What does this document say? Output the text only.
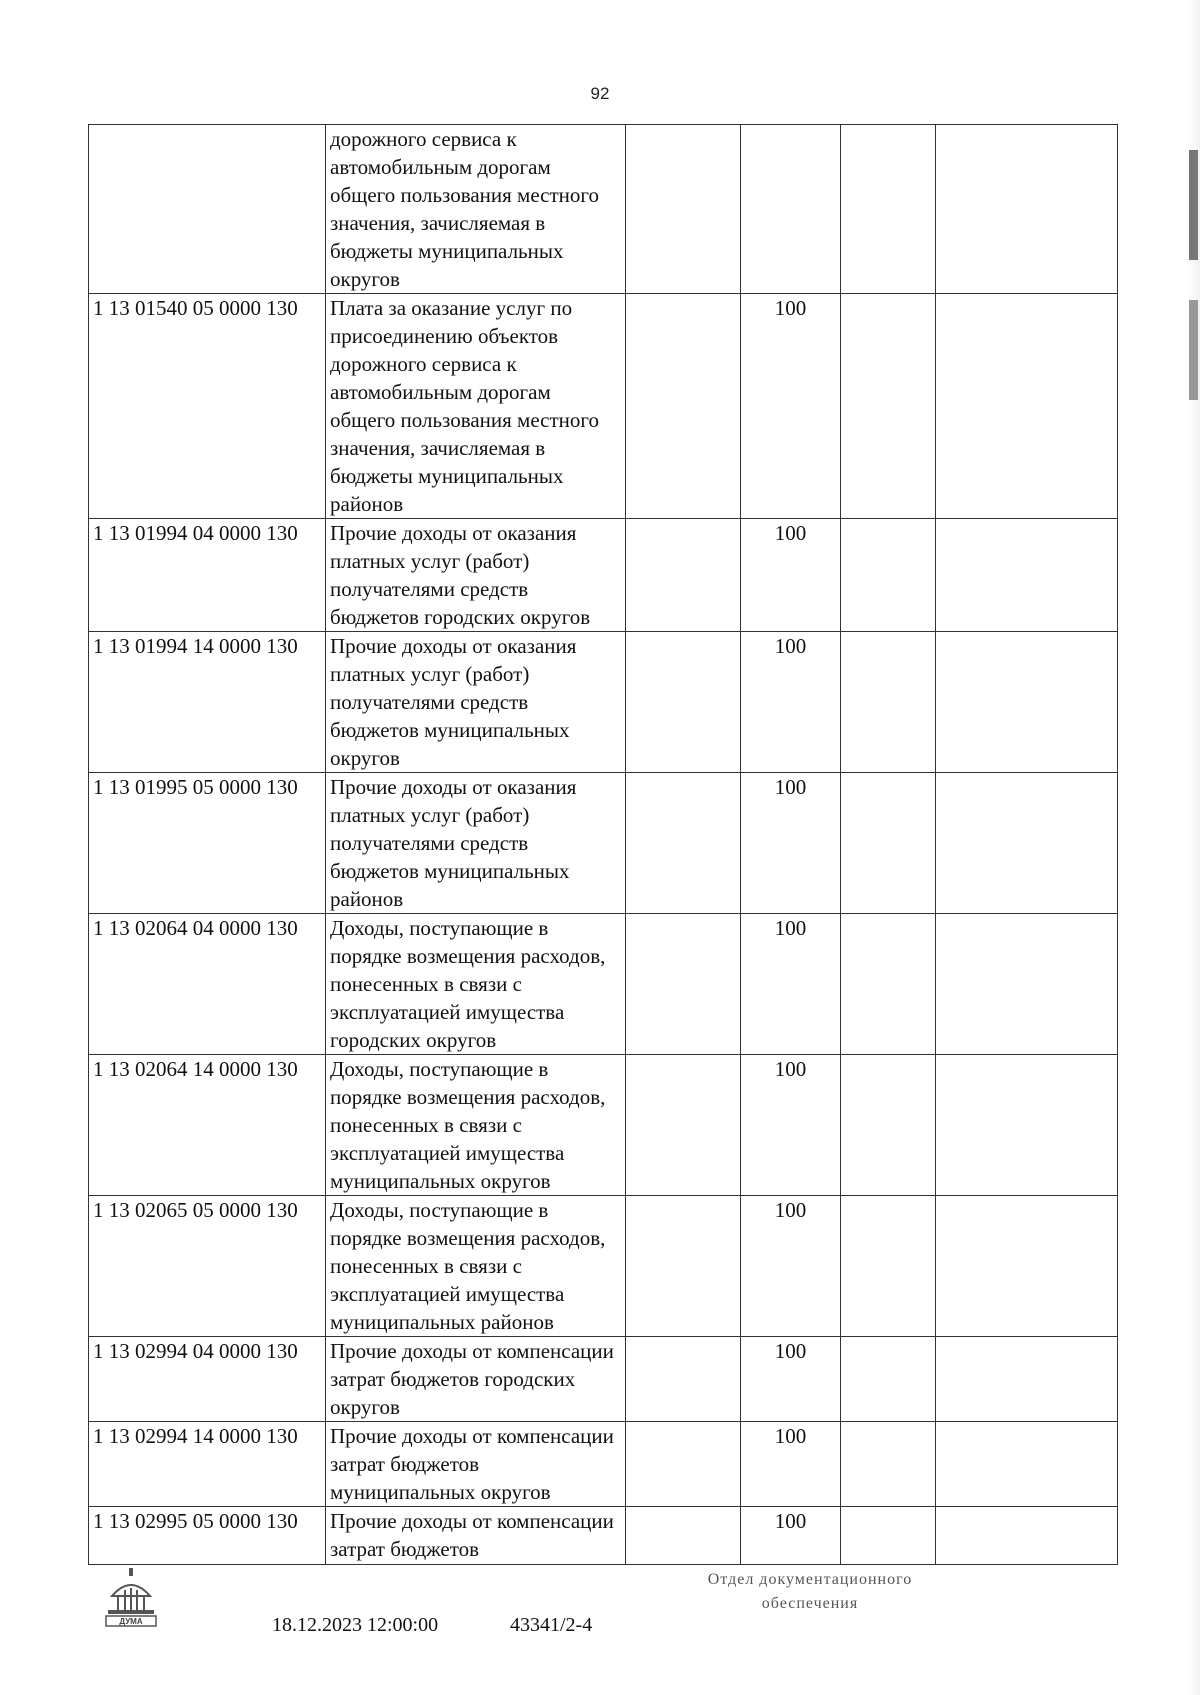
92
	дорожного сервиса к автомобильным дорогам общего пользования местного значения, зачисляемая в бюджеты муниципальных округов				
1 13 01540 05 0000 130	Плата за оказание услуг по присоединению объектов дорожного сервиса к автомобильным дорогам общего пользования местного значения, зачисляемая в бюджеты муниципальных районов		100		
1 13 01994 04 0000 130	Прочие доходы от оказания платных услуг (работ) получателями средств бюджетов городских округов		100		
1 13 01994 14 0000 130	Прочие доходы от оказания платных услуг (работ) получателями средств бюджетов муниципальных округов		100		
1 13 01995 05 0000 130	Прочие доходы от оказания платных услуг (работ) получателями средств бюджетов муниципальных районов		100		
1 13 02064 04 0000 130	Доходы, поступающие в порядке возмещения расходов, понесенных в связи с эксплуатацией имущества городских округов		100		
1 13 02064 14 0000 130	Доходы, поступающие в порядке возмещения расходов, понесенных в связи с эксплуатацией имущества муниципальных округов		100		
1 13 02065 05 0000 130	Доходы, поступающие в порядке возмещения расходов, понесенных в связи с эксплуатацией имущества муниципальных районов		100		
1 13 02994 04 0000 130	Прочие доходы от компенсации затрат бюджетов городских округов		100		
1 13 02994 14 0000 130	Прочие доходы от компенсации затрат бюджетов муниципальных округов		100		
1 13 02995 05 0000 130	Прочие доходы от компенсации затрат бюджетов		100		
ДУМА	18.12.2023 12:00:00	43341/2-4
Отдел документационного
обеспечения
